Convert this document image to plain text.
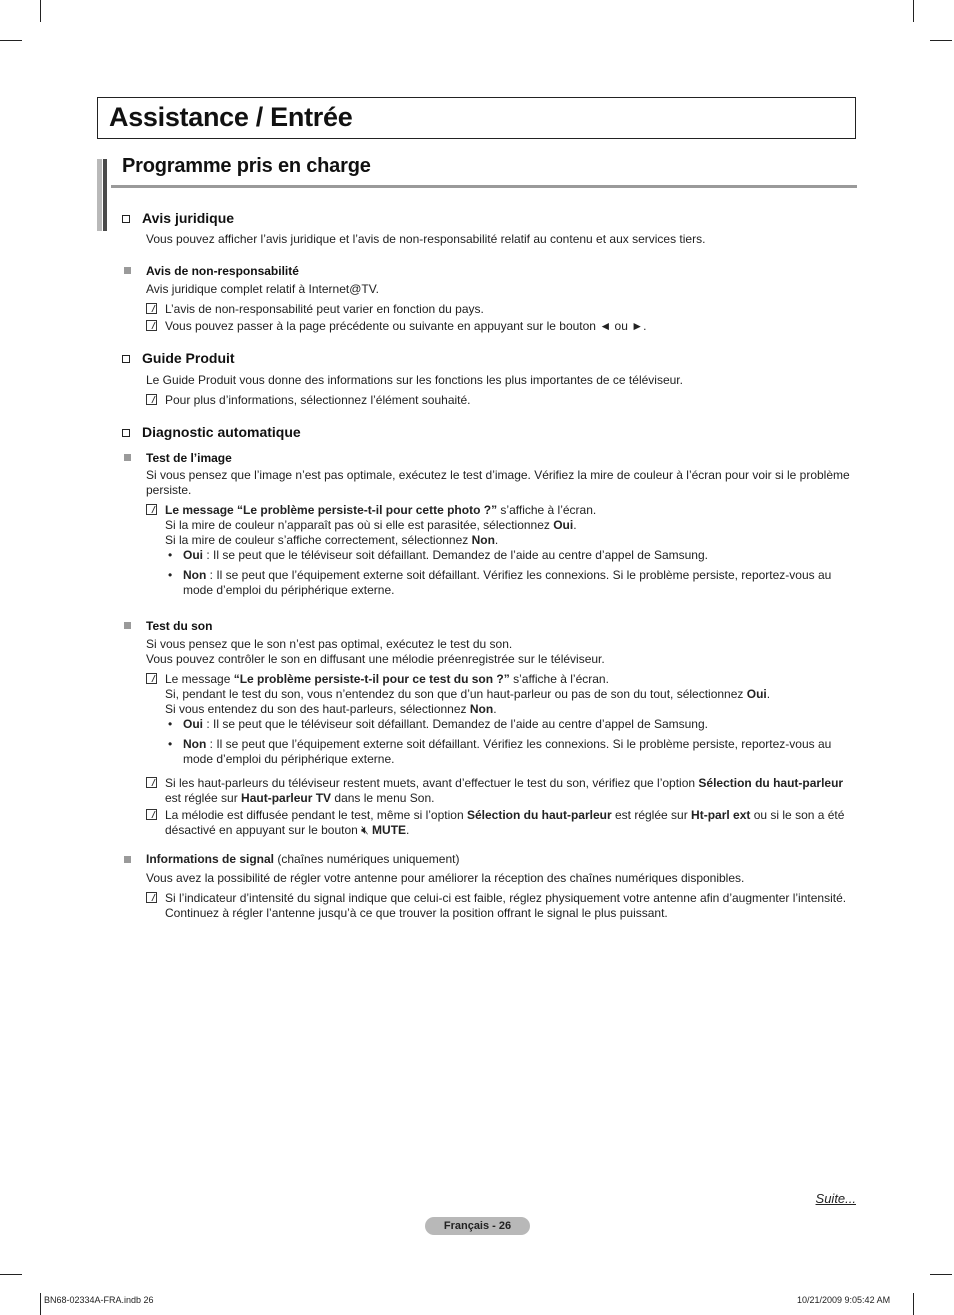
Assistance / Entrée
Programme pris en charge
Avis juridique
Vous pouvez afficher l’avis juridique et l’avis de non-responsabilité relatif au contenu et aux services tiers.
Avis de non-responsabilité
Avis juridique complet relatif à Internet@TV.
L’avis de non-responsabilité peut varier en fonction du pays.
Vous pouvez passer à la page précédente ou suivante en appuyant sur le bouton ◄ ou ►.
Guide Produit
Le Guide Produit vous donne des informations sur les fonctions les plus importantes de ce téléviseur.
Pour plus d’informations, sélectionnez l’élément souhaité.
Diagnostic automatique
Test de l’image
Si vous pensez que l’image n’est pas optimale, exécutez le test d’image. Vérifiez la mire de couleur à l’écran pour voir si le problème persiste.
Le message “Le problème persiste-t-il pour cette photo ?” s’affiche à l’écran.
Si la mire de couleur n’apparaît pas où si elle est parasitée, sélectionnez Oui.
Si la mire de couleur s’affiche correctement, sélectionnez Non.
• Oui : Il se peut que le téléviseur soit défaillant. Demandez de l’aide au centre d’appel de Samsung.
• Non : Il se peut que l’équipement externe soit défaillant. Vérifiez les connexions. Si le problème persiste, reportez-vous au mode d’emploi du périphérique externe.
Test du son
Si vous pensez que le son n’est pas optimal, exécutez le test du son.
Vous pouvez contrôler le son en diffusant une mélodie préenregistrée sur le téléviseur.
Le message “Le problème persiste-t-il pour ce test du son ?” s’affiche à l’écran.
Si, pendant le test du son, vous n’entendez du son que d’un haut-parleur ou pas de son du tout, sélectionnez Oui.
Si vous entendez du son des haut-parleurs, sélectionnez Non.
• Oui : Il se peut que le téléviseur soit défaillant. Demandez de l’aide au centre d’appel de Samsung.
• Non : Il se peut que l’équipement externe soit défaillant. Vérifiez les connexions. Si le problème persiste, reportez-vous au mode d’emploi du périphérique externe.
Si les haut-parleurs du téléviseur restent muets, avant d’effectuer le test du son, vérifiez que l’option Sélection du haut-parleur est réglée sur Haut-parleur TV dans le menu Son.
La mélodie est diffusée pendant le test, même si l’option Sélection du haut-parleur est réglée sur Ht-parl ext ou si le son a été désactivé en appuyant sur le bouton 🔇︎ MUTE.
Informations de signal (chaînes numériques uniquement)
Vous avez la possibilité de régler votre antenne pour améliorer la réception des chaînes numériques disponibles.
Si l’indicateur d’intensité du signal indique que celui-ci est faible, réglez physiquement votre antenne afin d’augmenter l’intensité. Continuez à régler l’antenne jusqu’à ce que trouver la position offrant le signal le plus puissant.
Suite...
Français - 26
BN68-02334A-FRA.indb 26	10/21/2009 9:05:42 AM
